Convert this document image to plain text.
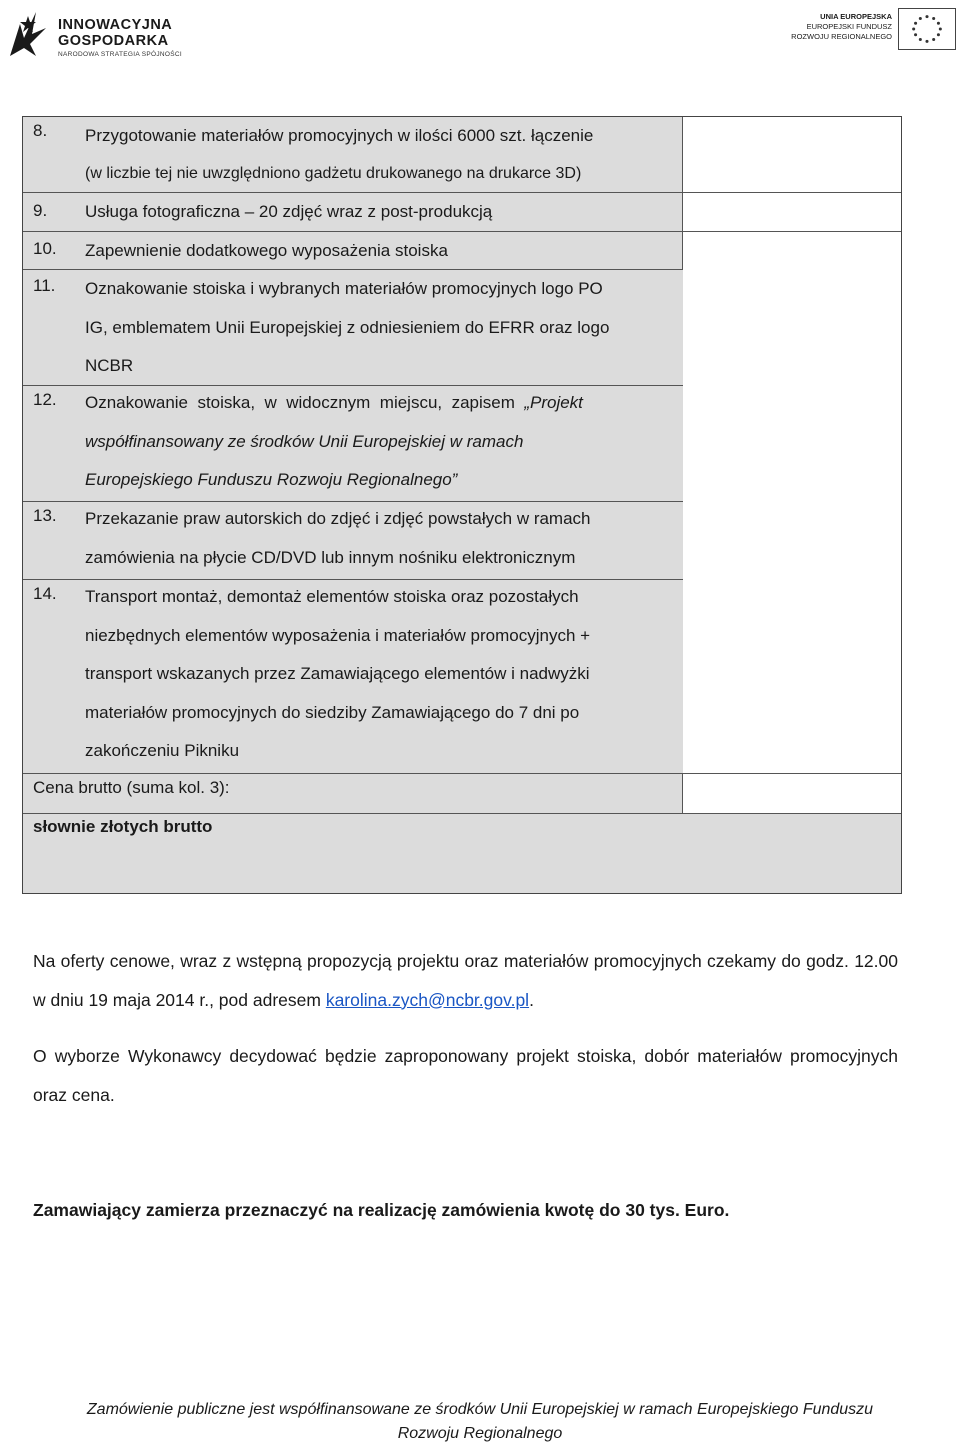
INNOWACYJNA
GOSPODARKA
NARODOWA STRATEGIA SPÓJNOŚCI
UNIA EUROPEJSKA
EUROPEJSKI FUNDUSZ
ROZWOJU REGIONALNEGO
8. Przygotowanie materiałów promocyjnych w ilości 6000 szt. łączenie
(w liczbie tej nie uwzględniono gadżetu drukowanego na drukarce 3D)
9. Usługa fotograficzna – 20 zdjęć wraz z post-produkcją
10. Zapewnienie dodatkowego wyposażenia stoiska
11. Oznakowanie stoiska i wybranych materiałów promocyjnych logo PO
IG, emblematem Unii Europejskiej z odniesieniem do EFRR oraz logo
NCBR
12. Oznakowanie  stoiska,  w  widocznym  miejscu,  zapisem  „Projekt
współfinansowany ze środków Unii Europejskiej w ramach
Europejskiego Funduszu Rozwoju Regionalnego”
13. Przekazanie praw autorskich do zdjęć i zdjęć powstałych w ramach
zamówienia na płycie CD/DVD lub innym nośniku elektronicznym
14. Transport montaż, demontaż elementów stoiska oraz pozostałych
niezbędnych elementów wyposażenia i materiałów promocyjnych +
transport wskazanych przez Zamawiającego elementów i nadwyżki
materiałów promocyjnych do siedziby Zamawiającego do 7 dni po
zakończeniu Pikniku
Cena brutto (suma kol. 3):
słownie złotych brutto
Na oferty cenowe, wraz z wstępną propozycją projektu oraz materiałów promocyjnych czekamy do godz. 12.00 w dniu 19 maja 2014 r., pod adresem karolina.zych@ncbr.gov.pl.
O wyborze Wykonawcy decydować będzie zaproponowany projekt stoiska, dobór materiałów promocyjnych oraz cena.
Zamawiający zamierza przeznaczyć na realizację zamówienia kwotę do 30 tys. Euro.
Zamówienie publiczne jest współfinansowane ze środków Unii Europejskiej w ramach Europejskiego Funduszu
Rozwoju Regionalnego
